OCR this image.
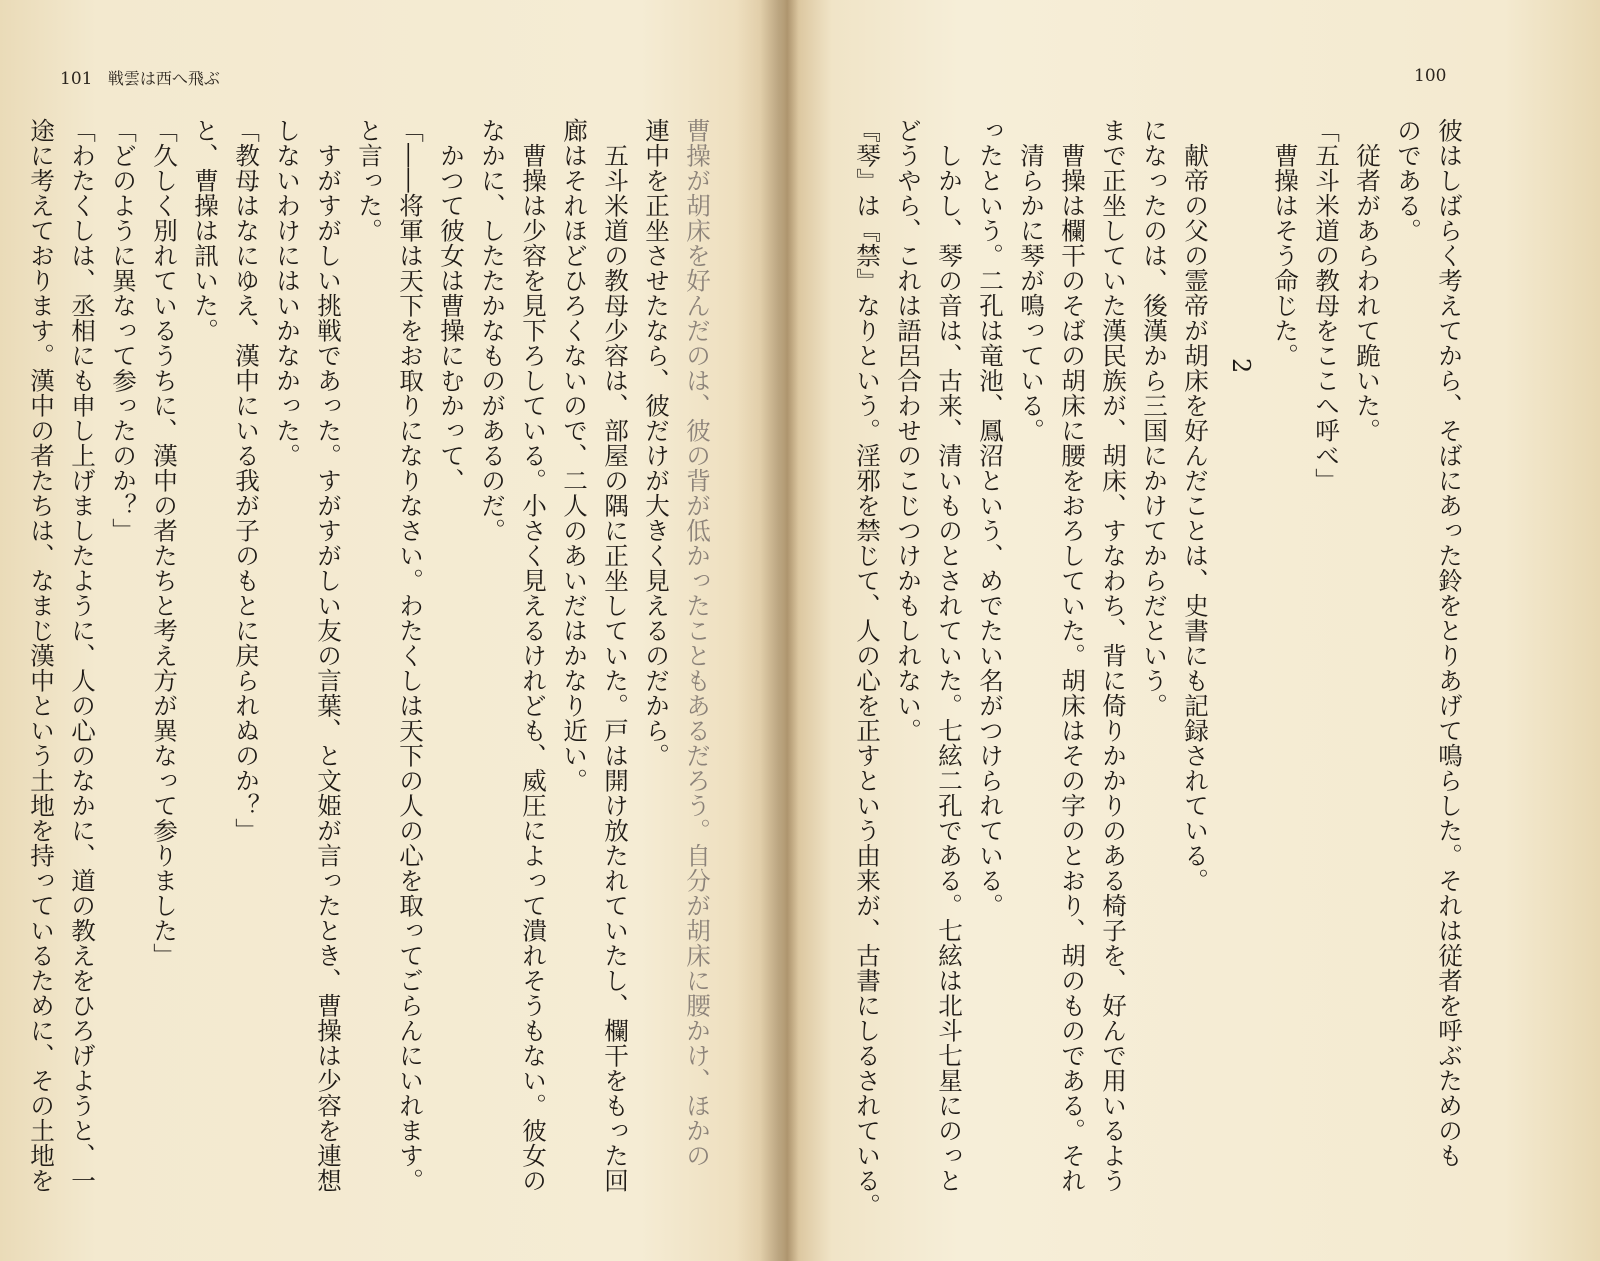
101 戦雲は西へ飛ぶ
曹操が胡床を好んだのは、彼の背が低かったこともあるだろう。自分が胡床に腰かけ、ほかの
連中を正坐させたなら、彼だけが大きく見えるのだから。
　五斗米道の教母少容は、部屋の隅に正坐していた。戸は開け放たれていたし、欄干をもった回
廊はそれほどひろくないので、二人のあいだはかなり近い。
　曹操は少容を見下ろしている。小さく見えるけれども、威圧によって潰れそうもない。彼女の
なかに、したたかなものがあるのだ。
　かつて彼女は曹操にむかって、
「――将軍は天下をお取りになりなさい。わたくしは天下の人の心を取ってごらんにいれます。
と言った。
　すがすがしい挑戦であった。すがすがしい友の言葉、と文姫が言ったとき、曹操は少容を連想
しないわけにはいかなかった。
「教母はなにゆえ、漢中にいる我が子のもとに戻られぬのか？」
と、曹操は訊いた。
「久しく別れているうちに、漢中の者たちと考え方が異なって参りました」
「どのように異なって参ったのか？」
「わたくしは、丞相にも申し上げましたように、人の心のなかに、道の教えをひろげようと、一
途に考えております。漢中の者たちは、なまじ漢中という土地を持っているために、その土地を
100
彼はしばらく考えてから、そばにあった鈴をとりあげて鳴らした。それは従者を呼ぶためのも
のである。
　従者があらわれて跪いた。
「五斗米道の教母をここへ呼べ」
　曹操はそう命じた。
2
　献帝の父の霊帝が胡床を好んだことは、史書にも記録されている。
になったのは、後漢から三国にかけてからだという。
まで正坐していた漢民族が、胡床、すなわち、背に倚りかかりのある椅子を、好んで用いるよう
　曹操は欄干のそばの胡床に腰をおろしていた。胡床はその字のとおり、胡のものである。それ
　清らかに琴が鳴っている。
ったという。二孔は竜池、鳳沼という、めでたい名がつけられている。
　しかし、琴の音は、古来、清いものとされていた。七絃二孔である。七絃は北斗七星にのっと
どうやら、これは語呂合わせのこじつけかもしれない。
『琴』は『禁』なりという。淫邪を禁じて、人の心を正すという由来が、古書にしるされている。
